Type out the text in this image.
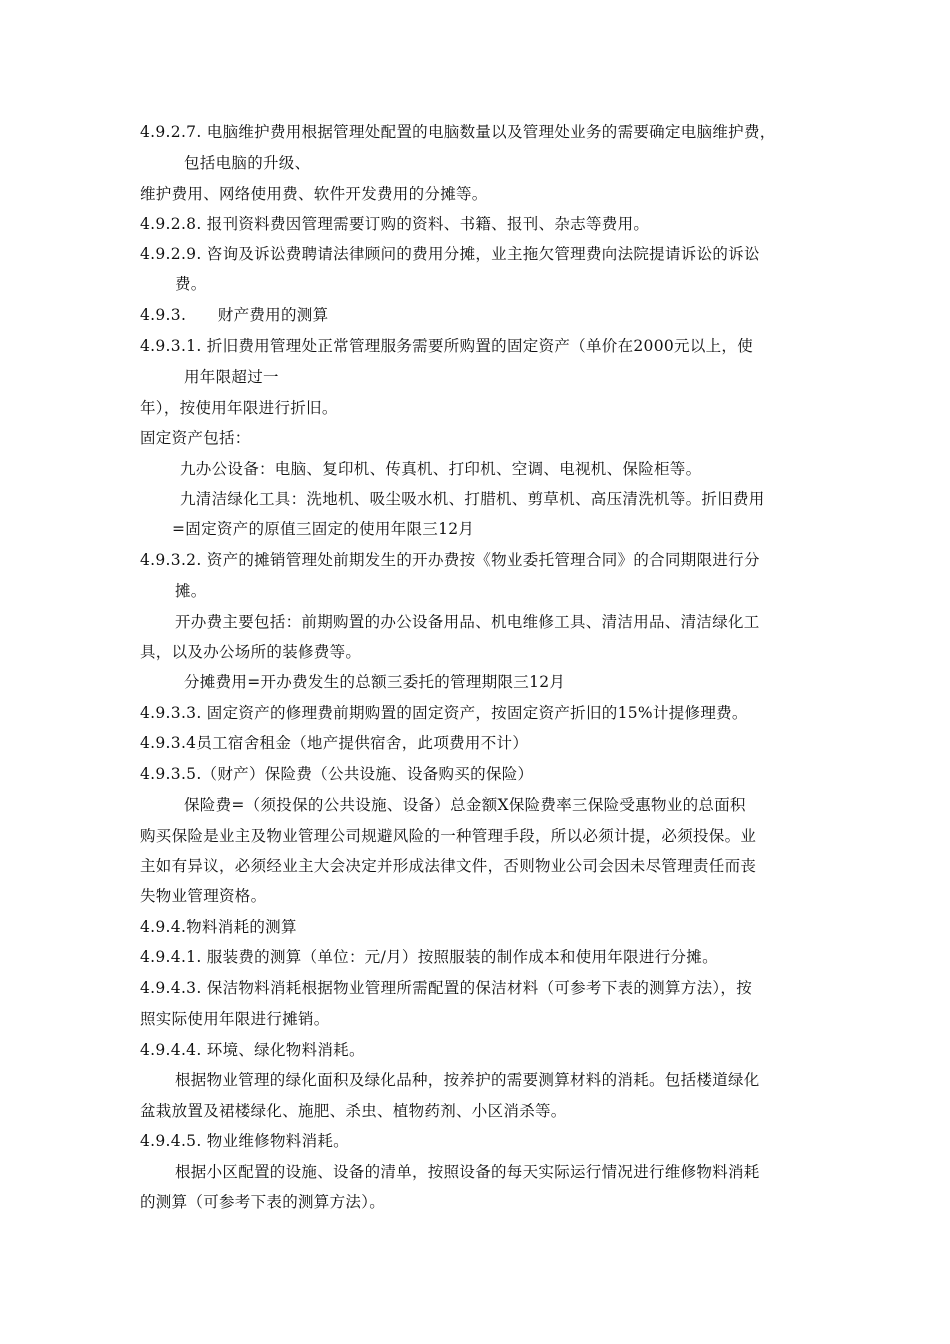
4.9.2.7. 电脑维护费用根据管理处配置的电脑数量以及管理处业务的需要确定电脑维护费，

包括电脑的升级、

维护费用、网络使用费、软件开发费用的分摊等。

4.9.2.8. 报刊资料费因管理需要订购的资料、书籍、报刊、杂志等费用。

4.9.2.9. 咨询及诉讼费聘请法律顾问的费用分摊，业主拖欠管理费向法院提请诉讼的诉讼

费。

4.9.3.　　财产费用的测算

4.9.3.1. 折旧费用管理处正常管理服务需要所购置的固定资产（单价在2000元以上，使

用年限超过一

年），按使用年限进行折旧。

固定资产包括：

九办公设备：电脑、复印机、传真机、打印机、空调、电视机、保险柜等。

九清洁绿化工具：洗地机、吸尘吸水机、打腊机、剪草机、高压清洗机等。折旧费用

=固定资产的原值三固定的使用年限三12月

4.9.3.2. 资产的摊销管理处前期发生的开办费按《物业委托管理合同》的合同期限进行分

摊。

开办费主要包括：前期购置的办公设备用品、机电维修工具、清洁用品、清洁绿化工

具，以及办公场所的装修费等。

分摊费用=开办费发生的总额三委托的管理期限三12月

4.9.3.3. 固定资产的修理费前期购置的固定资产，按固定资产折旧的15%计提修理费。

4.9.3.4员工宿舍租金（地产提供宿舍，此项费用不计）

4.9.3.5.（财产）保险费（公共设施、设备购买的保险）

保险费=（须投保的公共设施、设备）总金额X保险费率三保险受惠物业的总面积

购买保险是业主及物业管理公司规避风险的一种管理手段，所以必须计提，必须投保。业

主如有异议，必须经业主大会决定并形成法律文件，否则物业公司会因未尽管理责任而丧

失物业管理资格。

4.9.4.物料消耗的测算

4.9.4.1. 服装费的测算（单位：元/月）按照服装的制作成本和使用年限进行分摊。

4.9.4.3. 保洁物料消耗根据物业管理所需配置的保洁材料（可参考下表的测算方法），按

照实际使用年限进行摊销。

4.9.4.4. 环境、绿化物料消耗。

根据物业管理的绿化面积及绿化品种，按养护的需要测算材料的消耗。包括楼道绿化

盆栽放置及裙楼绿化、施肥、杀虫、植物药剂、小区消杀等。

4.9.4.5. 物业维修物料消耗。

根据小区配置的设施、设备的清单，按照设备的每天实际运行情况进行维修物料消耗

的测算（可参考下表的测算方法）。
